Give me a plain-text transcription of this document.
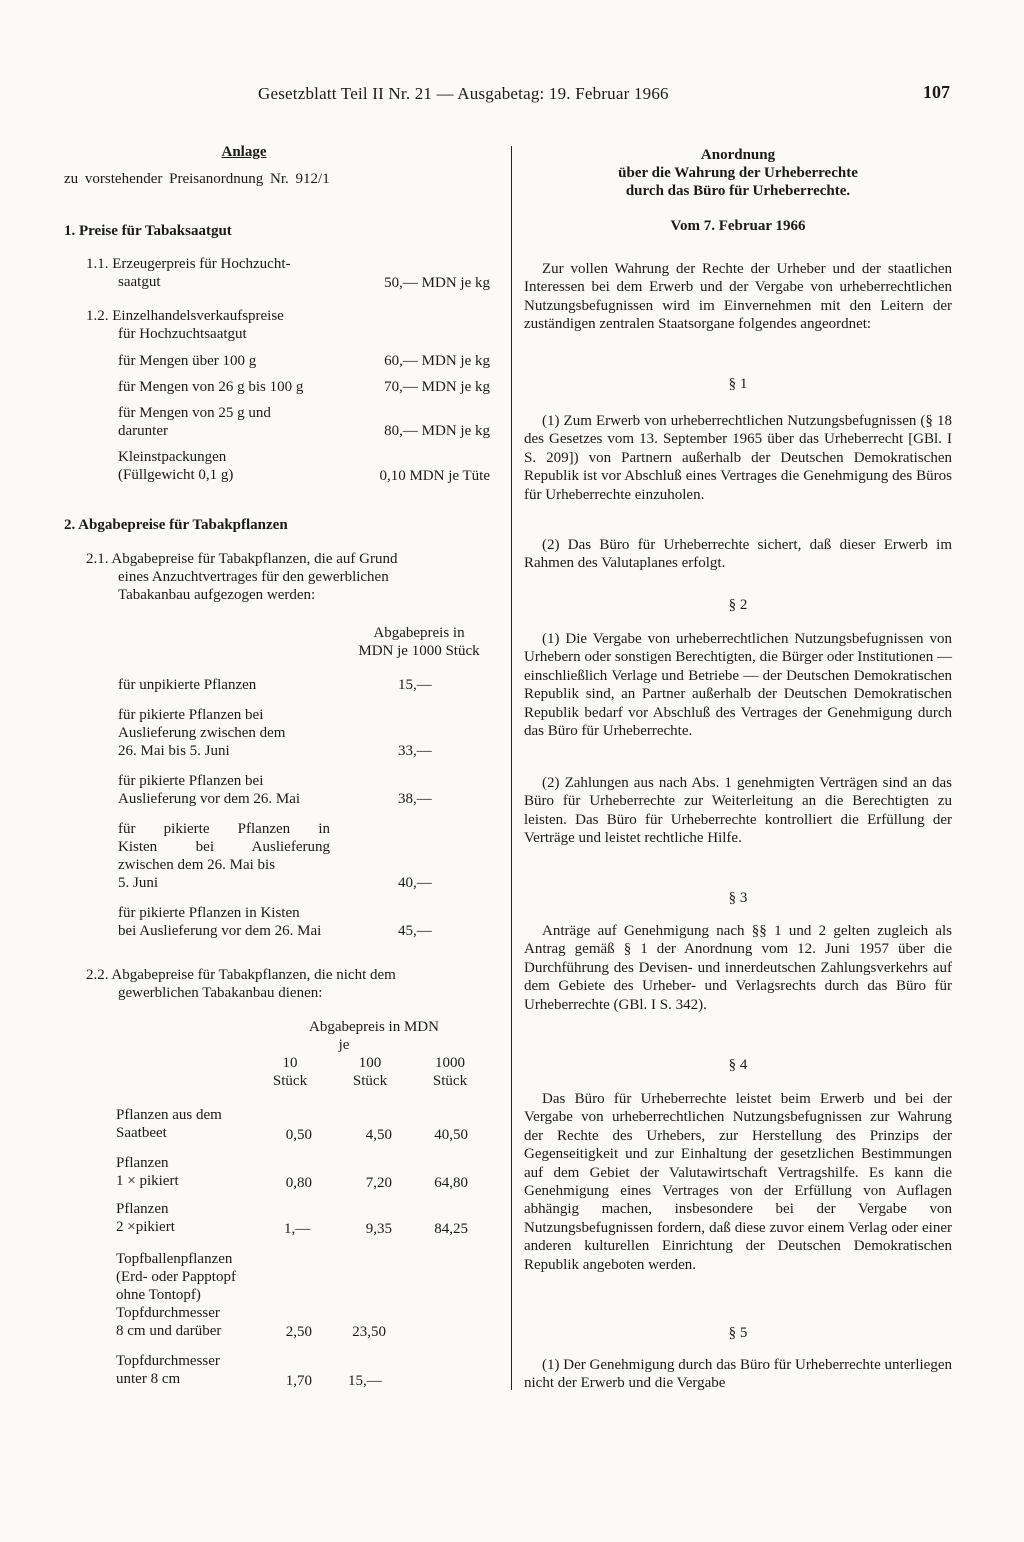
Gesetzblatt Teil II Nr. 21 — Ausgabetag: 19. Februar 1966	107
Anlage
zu vorstehender Preisanordnung Nr. 912/1
1. Preise für Tabaksaatgut
1.1. Erzeugerpreis für Hochzucht-
saatgut	50,— MDN je kg
1.2. Einzelhandelsverkaufspreise
für Hochzuchtsaatgut
für Mengen über 100 g	60,— MDN je kg
für Mengen von 26 g bis 100 g	70,— MDN je kg
für Mengen von 25 g und
darunter	80,— MDN je kg
Kleinstpackungen
(Füllgewicht 0,1 g)	0,10 MDN je Tüte
2. Abgabepreise für Tabakpflanzen
2.1. Abgabepreise für Tabakpflanzen, die auf Grund
eines Anzuchtvertrages für den gewerblichen
Tabakanbau aufgezogen werden:
Abgabepreis in
MDN je 1000 Stück
für unpikierte Pflanzen	15,—
für pikierte Pflanzen bei
Auslieferung zwischen dem
26. Mai bis 5. Juni	33,—
für pikierte Pflanzen bei
Auslieferung vor dem 26. Mai	38,—
für pikierte Pflanzen in
Kisten bei Auslieferung
zwischen dem 26. Mai bis
5. Juni	40,—
für pikierte Pflanzen in Kisten
bei Auslieferung vor dem 26. Mai	45,—
2.2. Abgabepreise für Tabakpflanzen, die nicht dem
gewerblichen Tabakanbau dienen:
Abgabepreis in MDN
je
10
Stück
100
Stück
1000
Stück
Pflanzen aus dem
Saatbeet	0,50	4,50	40,50
Pflanzen
1 × pikiert	0,80	7,20	64,80
Pflanzen
2 ×pikiert	1,—	9,35	84,25
Topfballenpflanzen
(Erd- oder Papptopf
ohne Tontopf)
Topfdurchmesser
8 cm und darüber	2,50	23,50
Topfdurchmesser
unter 8 cm	1,70 15,—
Anordnung
über die Wahrung der Urheberrechte
durch das Büro für Urheberrechte.
Vom 7. Februar 1966
Zur vollen Wahrung der Rechte der Urheber und der staatlichen Interessen bei dem Erwerb und der Vergabe von urheberrechtlichen Nutzungsbefugnissen wird im Einvernehmen mit den Leitern der zuständigen zentralen Staatsorgane folgendes angeordnet:
§ 1
(1) Zum Erwerb von urheberrechtlichen Nutzungsbefugnissen (§ 18 des Gesetzes vom 13. September 1965 über das Urheberrecht [GBl. I S. 209]) von Partnern außerhalb der Deutschen Demokratischen Republik ist vor Abschluß eines Vertrages die Genehmigung des Büros für Urheberrechte einzuholen.
(2) Das Büro für Urheberrechte sichert, daß dieser Erwerb im Rahmen des Valutaplanes erfolgt.
§ 2
(1) Die Vergabe von urheberrechtlichen Nutzungsbefugnissen von Urhebern oder sonstigen Berechtigten, die Bürger oder Institutionen — einschließlich Verlage und Betriebe — der Deutschen Demokratischen Republik sind, an Partner außerhalb der Deutschen Demokratischen Republik bedarf vor Abschluß des Vertrages der Genehmigung durch das Büro für Urheberrechte.
(2) Zahlungen aus nach Abs. 1 genehmigten Verträgen sind an das Büro für Urheberrechte zur Weiterleitung an die Berechtigten zu leisten. Das Büro für Urheberrechte kontrolliert die Erfüllung der Verträge und leistet rechtliche Hilfe.
§ 3
Anträge auf Genehmigung nach §§ 1 und 2 gelten zugleich als Antrag gemäß § 1 der Anordnung vom 12. Juni 1957 über die Durchführung des Devisen- und innerdeutschen Zahlungsverkehrs auf dem Gebiete des Urheber- und Verlagsrechts durch das Büro für Urheberrechte (GBl. I S. 342).
§ 4
Das Büro für Urheberrechte leistet beim Erwerb und bei der Vergabe von urheberrechtlichen Nutzungsbefugnissen zur Wahrung der Rechte des Urhebers, zur Herstellung des Prinzips der Gegenseitigkeit und zur Einhaltung der gesetzlichen Bestimmungen auf dem Gebiet der Valutawirtschaft Vertragshilfe. Es kann die Genehmigung eines Vertrages von der Erfüllung von Auflagen abhängig machen, insbesondere bei der Vergabe von Nutzungsbefugnissen fordern, daß diese zuvor einem Verlag oder einer anderen kulturellen Einrichtung der Deutschen Demokratischen Republik angeboten werden.
§ 5
(1) Der Genehmigung durch das Büro für Urheberrechte unterliegen nicht der Erwerb und die Vergabe
